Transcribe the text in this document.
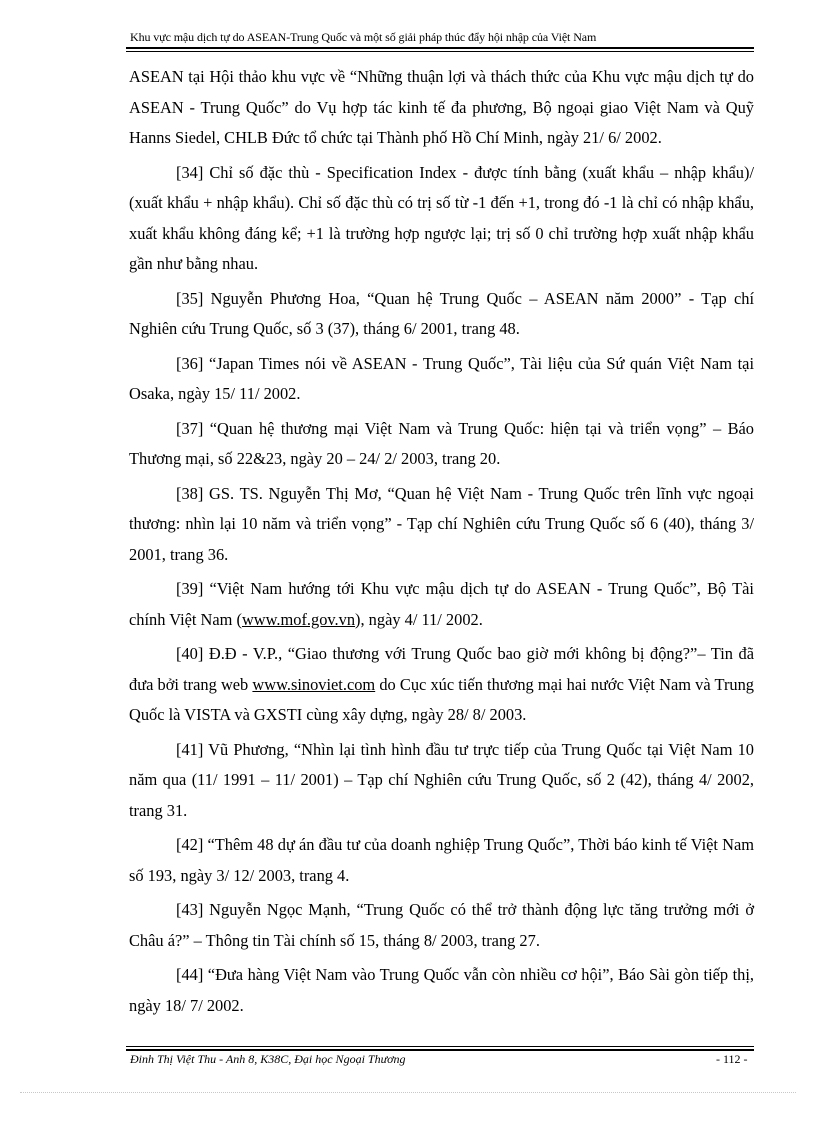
Khu vực mậu dịch tự do ASEAN-Trung Quốc và một số giải pháp thúc đẩy hội nhập của Việt Nam

ASEAN tại Hội thảo khu vực về “Những thuận lợi và thách thức của Khu vực mậu dịch tự do ASEAN - Trung Quốc” do Vụ hợp tác kinh tế đa phương, Bộ ngoại giao Việt Nam và Quỹ Hanns Siedel, CHLB Đức tổ chức tại Thành phố Hồ Chí Minh, ngày 21/ 6/ 2002.

[34] Chỉ số đặc thù - Specification Index - được tính bằng (xuất khẩu – nhập khẩu)/ (xuất khẩu + nhập khẩu). Chỉ số đặc thù có trị số từ -1 đến +1, trong đó -1 là chỉ có nhập khẩu, xuất khẩu không đáng kể; +1 là trường hợp ngược lại; trị số 0 chỉ trường hợp xuất nhập khẩu gần như bằng nhau.

[35] Nguyễn Phương Hoa, “Quan hệ Trung Quốc – ASEAN năm 2000” - Tạp chí Nghiên cứu Trung Quốc, số 3 (37), tháng 6/ 2001, trang 48.

[36] “Japan Times nói về ASEAN - Trung Quốc”, Tài liệu của Sứ quán Việt Nam tại Osaka, ngày 15/ 11/ 2002.

[37] “Quan hệ thương mại Việt Nam và Trung Quốc: hiện tại và triển vọng” – Báo Thương mại, số 22&23, ngày 20 – 24/ 2/ 2003, trang 20.

[38] GS. TS. Nguyễn Thị Mơ, “Quan hệ Việt Nam - Trung Quốc trên lĩnh vực ngoại thương: nhìn lại 10 năm và triển vọng” - Tạp chí Nghiên cứu Trung Quốc số 6 (40), tháng 3/ 2001, trang 36.

[39] “Việt Nam hướng tới Khu vực mậu dịch tự do ASEAN - Trung Quốc”, Bộ Tài chính Việt Nam (www.mof.gov.vn), ngày 4/ 11/ 2002.

[40] Đ.Đ - V.P., “Giao thương với Trung Quốc bao giờ mới không bị động?”– Tin đã đưa bởi trang web www.sinoviet.com do Cục xúc tiến thương mại hai nước Việt Nam và Trung Quốc là VISTA và GXSTI cùng xây dựng, ngày 28/ 8/ 2003.

[41] Vũ Phương, “Nhìn lại tình hình đầu tư trực tiếp của Trung Quốc tại Việt Nam 10 năm qua (11/ 1991 – 11/ 2001) – Tạp chí Nghiên cứu Trung Quốc, số 2 (42), tháng 4/ 2002, trang 31.

[42] “Thêm 48 dự án đầu tư của doanh nghiệp Trung Quốc”, Thời báo kinh tế Việt Nam số 193, ngày 3/ 12/ 2003, trang 4.

[43] Nguyễn Ngọc Mạnh, “Trung Quốc có thể trở thành động lực tăng trưởng mới ở Châu á?” – Thông tin Tài chính số 15, tháng 8/ 2003, trang 27.

[44] “Đưa hàng Việt Nam vào Trung Quốc vẫn còn nhiều cơ hội”, Báo Sài gòn tiếp thị, ngày 18/ 7/ 2002.

Đinh Thị Việt Thu - Anh 8, K38C, Đại học Ngoại Thương	- 112 -
